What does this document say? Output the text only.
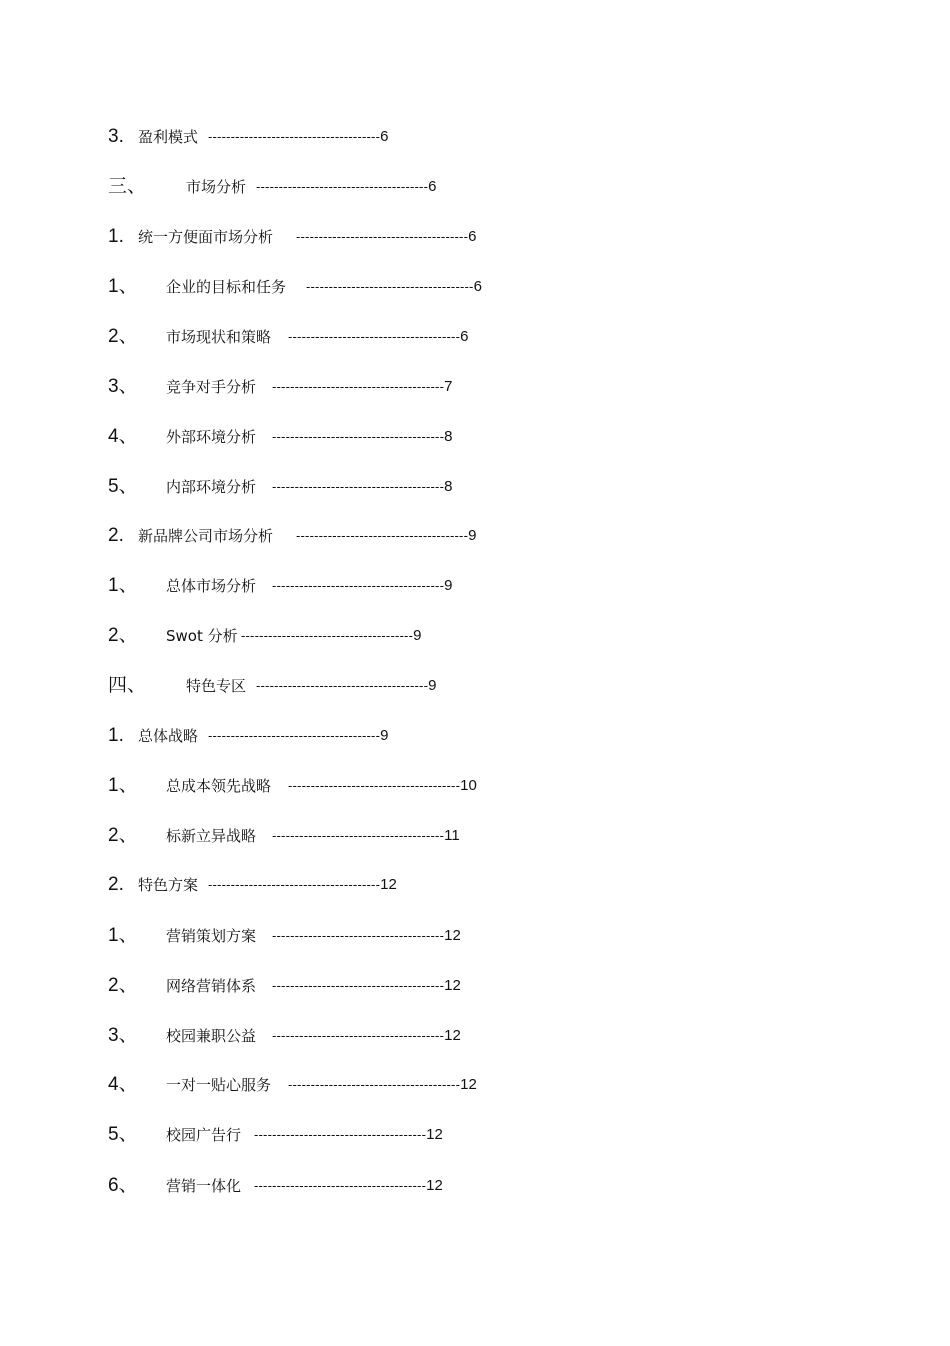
3. 盈利模式 --------------------------------------6
三、	市场分析 --------------------------------------6
1. 统一方便面市场分析 --------------------------------------6
1、 企业的目标和任务 -------------------------------------6
2、 市场现状和策略 --------------------------------------6
3、 竞争对手分析 --------------------------------------7
4、 外部环境分析 --------------------------------------8
5、 内部环境分析 --------------------------------------8
2. 新品牌公司市场分析 --------------------------------------9
1、 总体市场分析 --------------------------------------9
2、 Swot 分析 --------------------------------------9
四、	特色专区 --------------------------------------9
1. 总体战略 --------------------------------------9
1、 总成本领先战略 --------------------------------------10
2、 标新立异战略 --------------------------------------11
2. 特色方案 --------------------------------------12
1、 营销策划方案 --------------------------------------12
2、 网络营销体系 --------------------------------------12
3、 校园兼职公益 --------------------------------------12
4、 一对一贴心服务 --------------------------------------12
5、 校园广告行 --------------------------------------12
6、 营销一体化 --------------------------------------12
